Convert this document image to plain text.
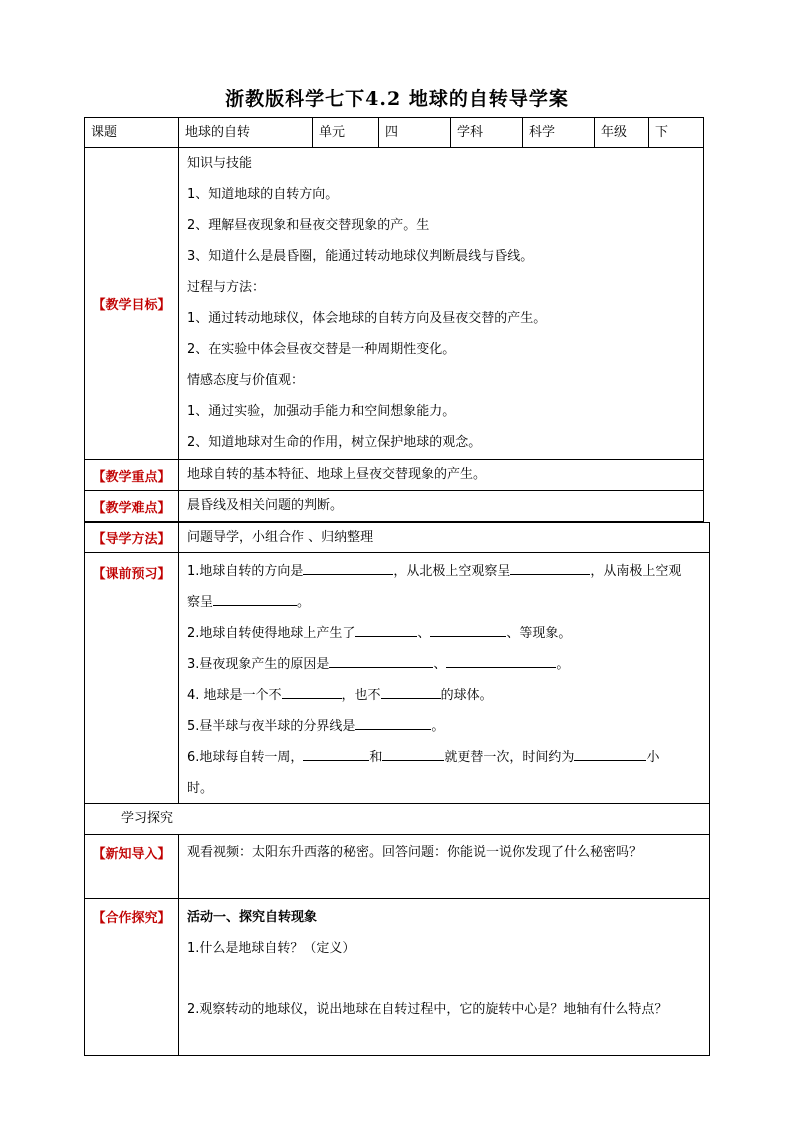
浙教版科学七下4.2 地球的自转导学案
课题	地球的自转	单元	四	学科	科学	年级	下
【教学目标】
知识与技能
1、知道地球的自转方向。
2、理解昼夜现象和昼夜交替现象的产。生
3、知道什么是晨昏圈，能通过转动地球仪判断晨线与昏线。
过程与方法：
1、通过转动地球仪，体会地球的自转方向及昼夜交替的产生。
2、在实验中体会昼夜交替是一种周期性变化。
情感态度与价值观：
1、通过实验，加强动手能力和空间想象能力。
2、知道地球对生命的作用，树立保护地球的观念。
【教学重点】	地球自转的基本特征、地球上昼夜交替现象的产生。
【教学难点】	晨昏线及相关问题的判断。
【导学方法】	问题导学，小组合作 、归纳整理
【课前预习】	1.地球自转的方向是	，从北极上空观察呈	，从南极上空观
察呈	。
2.地球自转使得地球上产生了	、	、等现象。
3.昼夜现象产生的原因是	、	。
4. 地球是一个不	，也不	的球体。
5.昼半球与夜半球的分界线是	。
6.地球每自转一周，	和	就更替一次，时间约为	小
时。
学习探究
【新知导入】	观看视频：太阳东升西落的秘密。回答问题：你能说一说你发现了什么秘密吗？
【合作探究】	活动一、探究自转现象
1.什么是地球自转？（定义）
2.观察转动的地球仪，说出地球在自转过程中，它的旋转中心是？地轴有什么特点？
